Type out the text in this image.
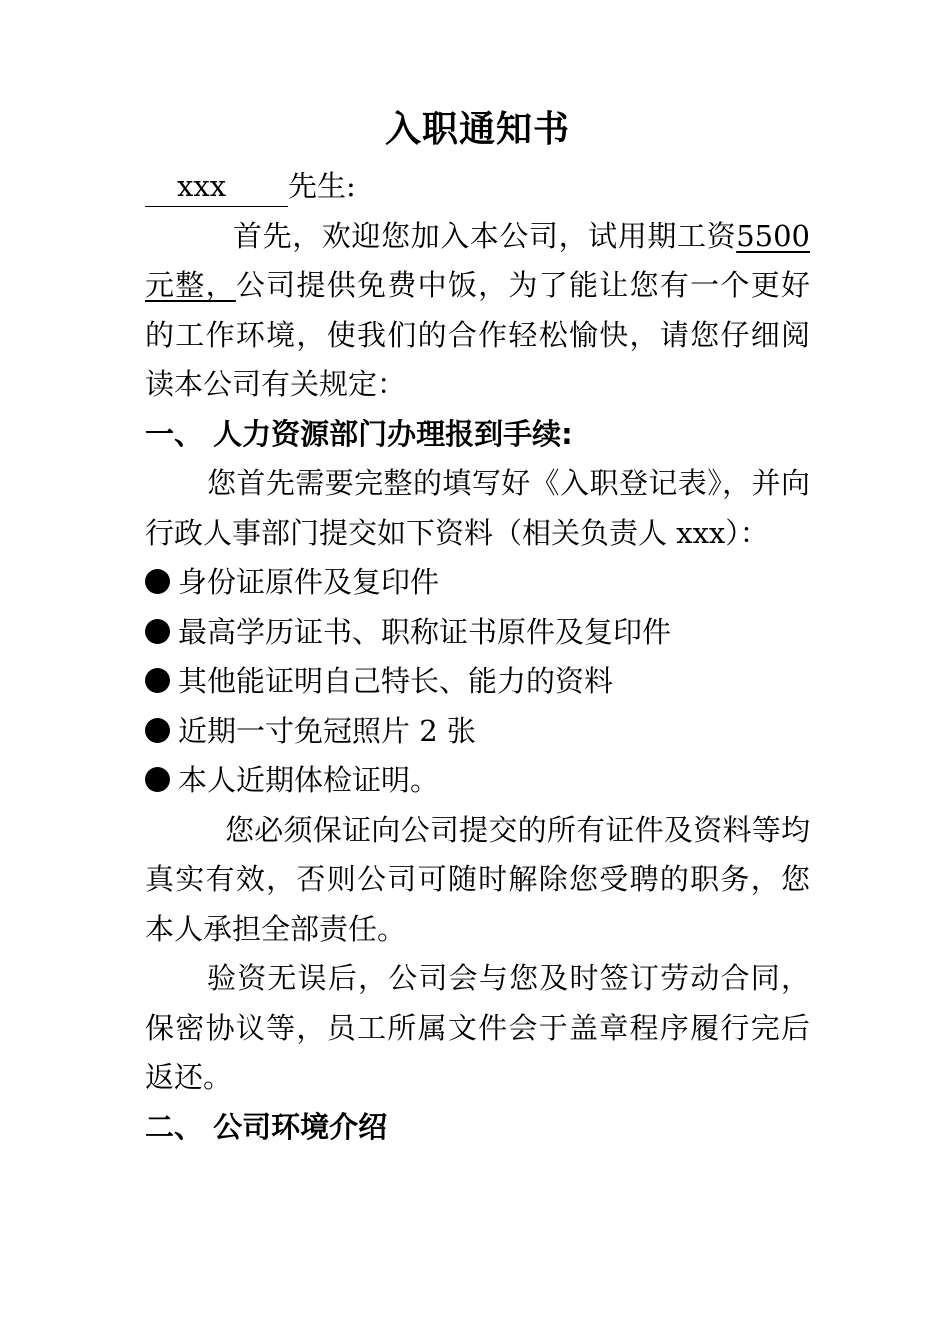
入职通知书

xxx 先生:

首先，欢迎您加入本公司，试用期工资5500 元整，公司提供免费中饭，为了能让您有一个更好的工作环境，使我们的合作轻松愉快，请您仔细阅读本公司有关规定：

一、 人力资源部门办理报到手续:

您首先需要完整的填写好《入职登记表》，并向行政人事部门提交如下资料（相关负责人 xxx）：

身份证原件及复印件

最高学历证书、职称证书原件及复印件

其他能证明自己特长、能力的资料

近期一寸免冠照片 2 张

本人近期体检证明。

您必须保证向公司提交的所有证件及资料等均真实有效，否则公司可随时解除您受聘的职务，您本人承担全部责任。

验资无误后，公司会与您及时签订劳动合同，保密协议等，员工所属文件会于盖章程序履行完后返还。

二、 公司环境介绍
